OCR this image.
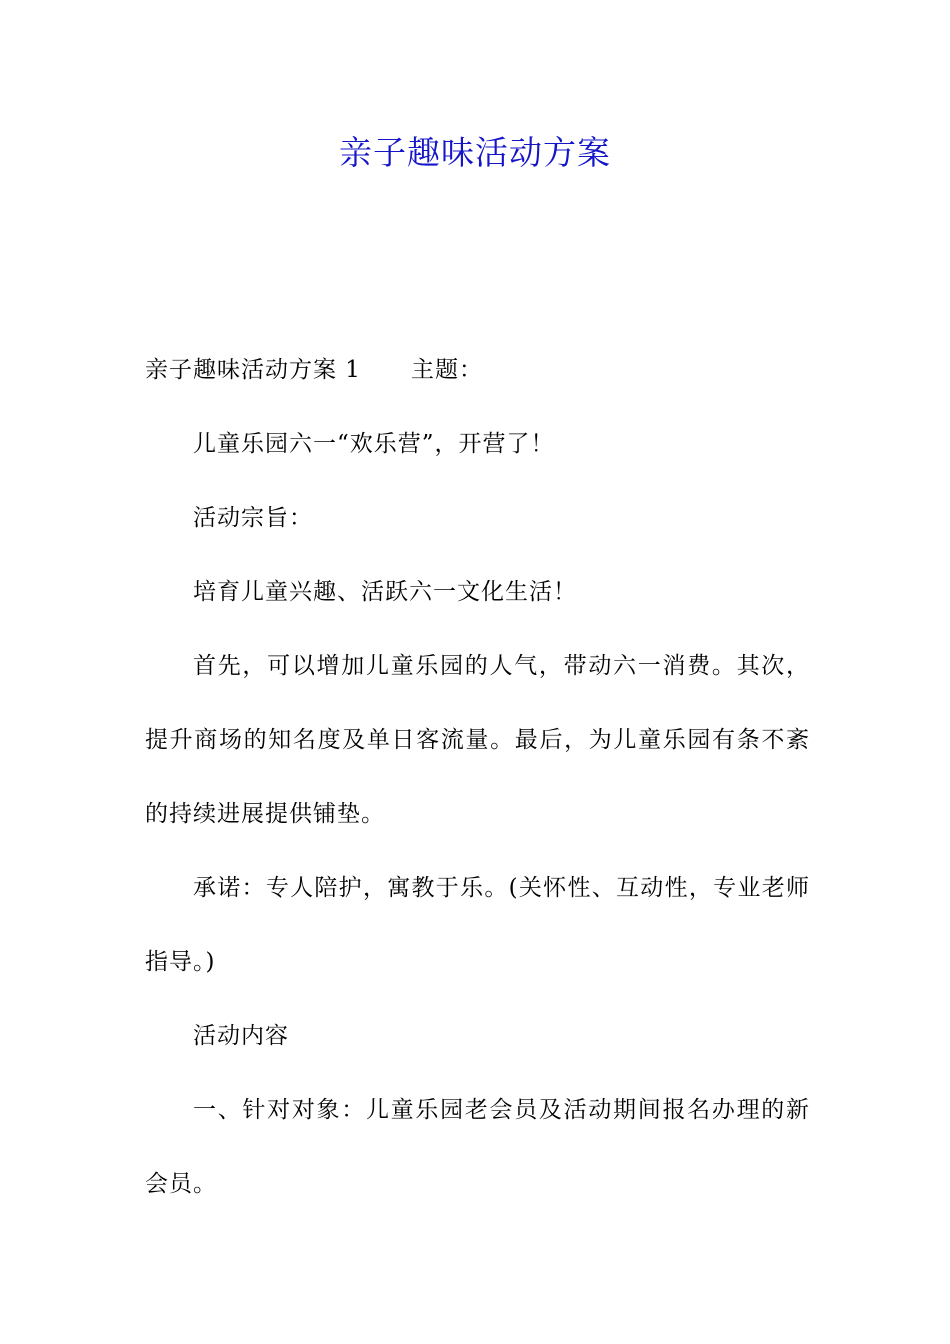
亲子趣味活动方案

亲子趣味活动方案 1 主题：

儿童乐园六一“欢乐营”，开营了！

活动宗旨：

培育儿童兴趣、活跃六一文化生活！

首先，可以增加儿童乐园的人气，带动六一消费。其次，提升商场的知名度及单日客流量。最后，为儿童乐园有条不紊的持续进展提供铺垫。

承诺：专人陪护，寓教于乐。(关怀性、互动性，专业老师指导。)

活动内容

一、针对对象：儿童乐园老会员及活动期间报名办理的新会员。
